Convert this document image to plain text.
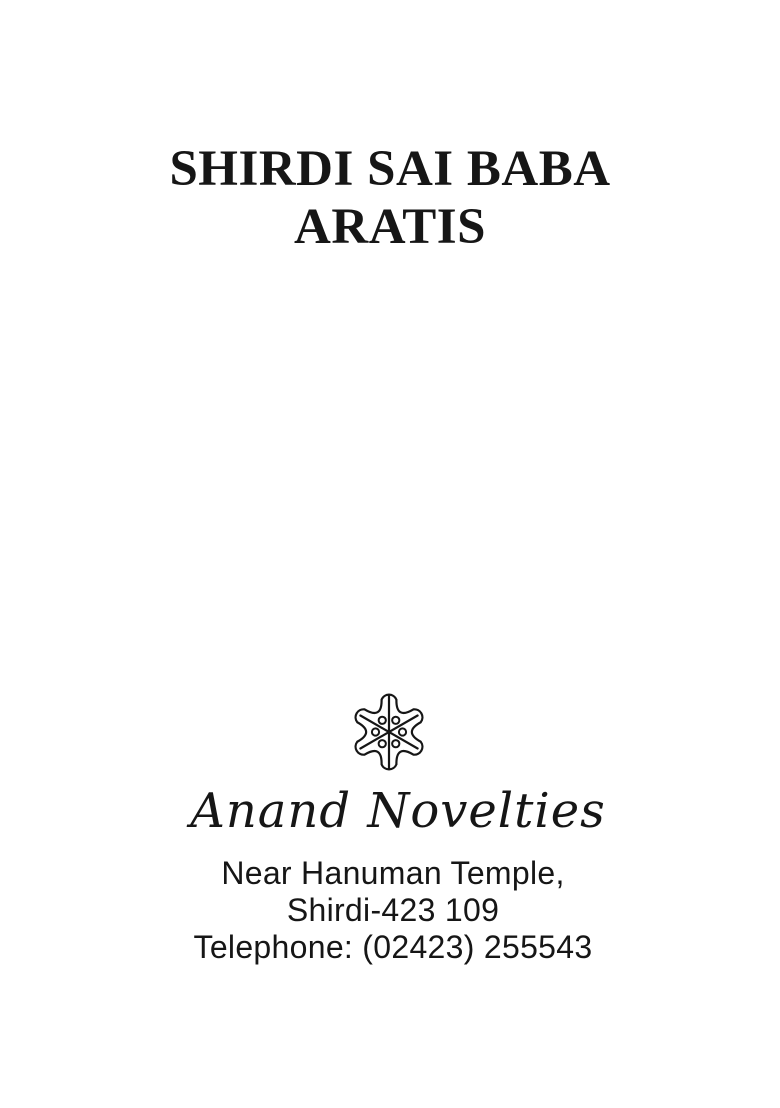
SHIRDI SAI BABA
ARATIS
Anand Novelties
Near Hanuman Temple,
Shirdi-423 109
Telephone: (02423) 255543
